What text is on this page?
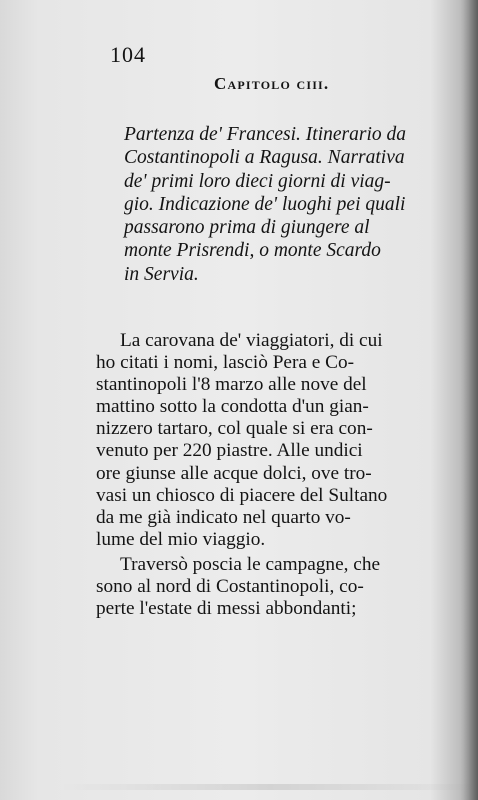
104
Capitolo ciii.
Partenza de' Francesi. Itinerario da
Costantinopoli a Ragusa. Narrativa
de' primi loro dieci giorni di viag-
gio. Indicazione de' luoghi pei quali
passarono prima di giungere al
monte Prisrendi, o monte Scardo
in Servia.
La carovana de' viaggiatori, di cui
ho citati i nomi, lasciò Pera e Co-
stantinopoli l'8 marzo alle nove del
mattino sotto la condotta d'un gian-
nizzero tartaro, col quale si era con-
venuto per 220 piastre. Alle undici
ore giunse alle acque dolci, ove tro-
vasi un chiosco di piacere del Sultano
da me già indicato nel quarto vo-
lume del mio viaggio.
Traversò poscia le campagne, che
sono al nord di Costantinopoli, co-
perte l'estate di messi abbondanti;
